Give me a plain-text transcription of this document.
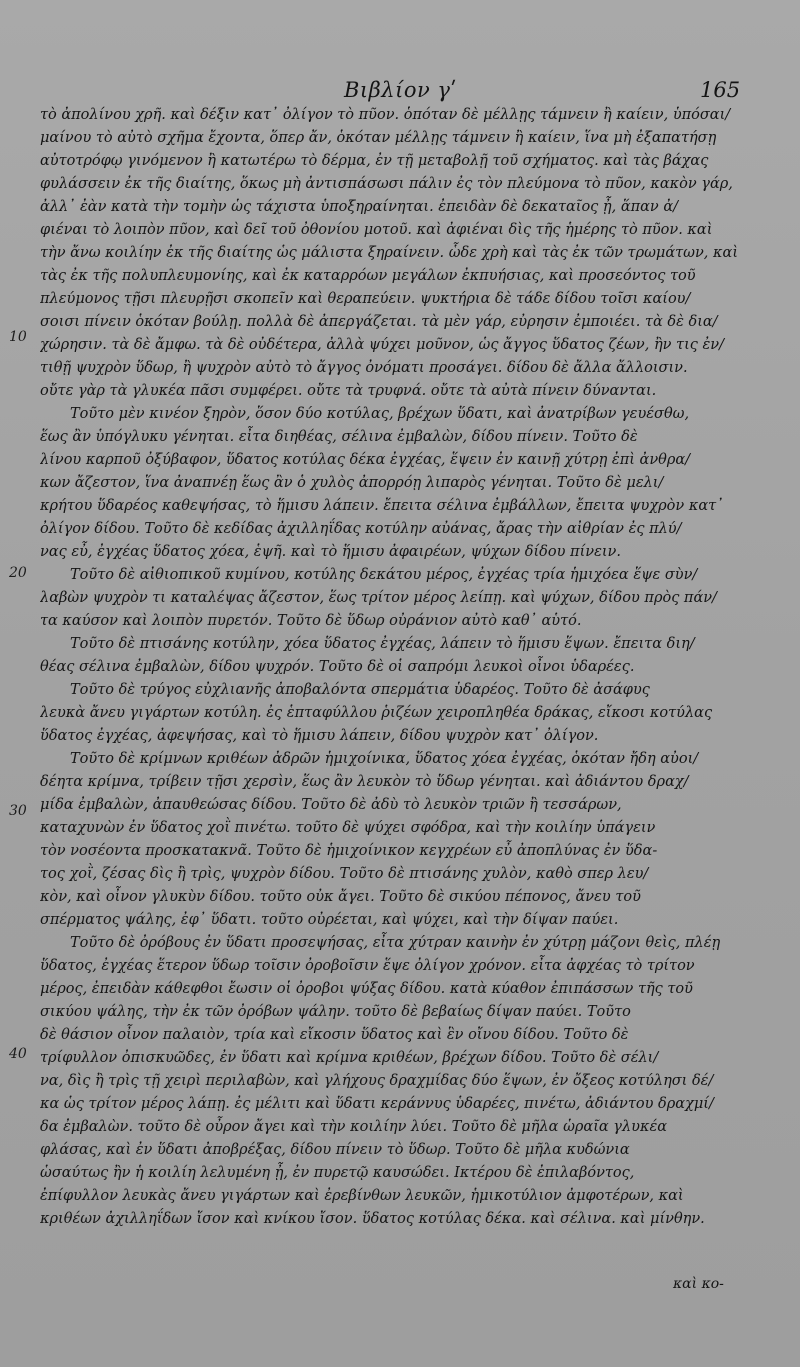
Βιβλίον γʹ	165
10
20
30
40
τὸ ἀπολίνου χρῆ. καὶ δέξιν κατ᾽ ὀλίγον τὸ πῦον. ὁπόταν δὲ μέλλῃς τάμνειν ἢ καίειν, ὑπόσαι/
μαίνου τὸ αὐτὸ σχῆμα ἔχοντα, ὅπερ ἄν, ὁκόταν μέλλῃς τάμνειν ἢ καίειν, ἵνα μὴ ἐξαπατήσῃ
αὐτοτρόφῳ γινόμενον ἢ κατωτέρω τὸ δέρμα, ἐν τῇ μεταβολῇ τοῦ σχήματος. καὶ τὰς βάχας
φυλάσσειν ἐκ τῆς διαίτης, ὅκως μὴ ἀντισπάσωσι πάλιν ἐς τὸν πλεύμονα τὸ πῦον, κακὸν γάρ,
ἀλλ᾽ ἐὰν κατὰ τὴν τομὴν ὡς τάχιστα ὑποξηραίνηται. ἐπειδὰν δὲ δεκαταῖος ᾖ, ἅπαν ἀ/
φιέναι τὸ λοιπὸν πῦον, καὶ δεῖ τοῦ ὀθονίου μοτοῦ. καὶ ἀφιέναι δὶς τῆς ἡμέρης τὸ πῦον. καὶ
τὴν ἄνω κοιλίην ἐκ τῆς διαίτης ὡς μάλιστα ξηραίνειν. ὧδε χρὴ καὶ τὰς ἐκ τῶν τρωμάτων, καὶ
τὰς ἐκ τῆς πολυπλευμονίης, καὶ ἐκ καταρρόων μεγάλων ἐκπυήσιας, καὶ προσεόντος τοῦ
πλεύμονος τῇσι πλευρῇσι σκοπεῖν καὶ θεραπεύειν. ψυκτήρια δὲ τάδε δίδου τοῖσι καίου/
σοισι πίνειν ὁκόταν βούλῃ. πολλὰ δὲ ἀπεργάζεται. τὰ μὲν γάρ, εὐρησιν ἐμποιέει. τὰ δὲ δια/
χώρησιν. τὰ δὲ ἄμφω. τὰ δὲ οὐδέτερα, ἀλλὰ ψύχει μοῦνον, ὡς ἄγγος ὕδατος ζέων, ἢν τις ἐν/
τιθῇ ψυχρὸν ὕδωρ, ἢ ψυχρὸν αὐτὸ τὸ ἄγγος ὀνόματι προσάγει. δίδου δὲ ἄλλα ἄλλοισιν.
οὔτε γὰρ τὰ γλυκέα πᾶσι συμφέρει. οὔτε τὰ τρυφνά. οὔτε τὰ αὐτὰ πίνειν δύνανται.
Τοῦτο μὲν κινέον ξηρὸν, ὅσον δύο κοτύλας, βρέχων ὕδατι, καὶ ἀνατρίβων γευέσθω,
ἕως ἂν ὑπόγλυκυ γένηται. εἶτα διηθέας, σέλινα ἐμβαλὼν, δίδου πίνειν. Τοῦτο δὲ
λίνου καρποῦ ὀξύβαφον, ὕδατος κοτύλας δέκα ἐγχέας, ἕψειν ἐν καινῇ χύτρῃ ἐπὶ ἀνθρα/
κων ἄζεστον, ἵνα ἀναπνέῃ ἕως ἂν ὁ χυλὸς ἀπορρόῃ λιπαρὸς γένηται. Τοῦτο δὲ μελι/
κρήτου ὕδαρέος καθεψήσας, τὸ ἥμισυ λάπειν. ἔπειτα σέλινα ἐμβάλλων, ἔπειτα ψυχρὸν κατ᾽
ὀλίγον δίδου. Τοῦτο δὲ κεδίδας ἀχιλληΐδας κοτύλην αὐάνας, ἄρας τὴν αἰθρίαν ἐς πλύ/
νας εὖ, ἐγχέας ὕδατος χόεα, ἑψῆ. καὶ τὸ ἥμισυ ἀφαιρέων, ψύχων δίδου πίνειν.
Τοῦτο δὲ αἰθιοπικοῦ κυμίνου, κοτύλης δεκάτου μέρος, ἐγχέας τρία ἡμιχόεα ἕψε σὺν/
λαβὼν ψυχρὸν τι καταλέψας ἄζεστον, ἕως τρίτον μέρος λείπῃ. καὶ ψύχων, δίδου πρὸς πάν/
τα καύσον καὶ λοιπὸν πυρετόν. Τοῦτο δὲ ὕδωρ οὐράνιον αὐτὸ καθ᾽ αὑτό.
Τοῦτο δὲ πτισάνης κοτύλην, χόεα ὕδατος ἐγχέας, λάπειν τὸ ἥμισυ ἕψων. ἔπειτα διη/
θέας σέλινα ἐμβαλὼν, δίδου ψυχρόν. Τοῦτο δὲ οἱ σαπρόμι λευκοὶ οἶνοι ὑδαρέες.
Τοῦτο δὲ τρύγος εὐχλιανῆς ἀποβαλόντα σπερμάτια ὑδαρέος. Τοῦτο δὲ ἀσάφυς
λευκὰ ἄνευ γιγάρτων κοτύλη. ἐς ἑπταφύλλου ῥιζέων χειροπληθέα δράκας, εἴκοσι κοτύλας
ὕδατος ἐγχέας, ἀφεψήσας, καὶ τὸ ἥμισυ λάπειν, δίδου ψυχρὸν κατ᾽ ὀλίγον.
Τοῦτο δὲ κρίμνων κριθέων ἀδρῶν ἡμιχοίνικα, ὕδατος χόεα ἐγχέας, ὁκόταν ἤδη αὐοι/
δέητα κρίμνα, τρίβειν τῇσι χερσὶν, ἕως ἂν λευκὸν τὸ ὕδωρ γένηται. καὶ ἀδιάντου δραχ/
μίδα ἐμβαλὼν, ἀπαυθεώσας δίδου. Τοῦτο δὲ ἀδὺ τὸ λευκὸν τριῶν ἢ τεσσάρων,
καταχυνὼν ἐν ὕδατος χοῒ πινέτω. τοῦτο δὲ ψύχει σφόδρα, καὶ τὴν κοιλίην ὑπάγειν
τὸν νοσέοντα προσκατακνᾶ. Τοῦτο δὲ ἡμιχοίνικον κεγχρέων εὖ ἀποπλύνας ἐν ὕδα-
τος χοῒ, ζέσας δὶς ἢ τρὶς, ψυχρὸν δίδου. Τοῦτο δὲ πτισάνης χυλὸν, καθὸ σπερ λευ/
κὸν, καὶ οἶνον γλυκὺν δίδου. τοῦτο οὐκ ἄγει. Τοῦτο δὲ σικύου πέπονος, ἄνευ τοῦ
σπέρματος ψάλης, ἐφ᾽ ὕδατι. τοῦτο οὐρέεται, καὶ ψύχει, καὶ τὴν δίψαν παύει.
Τοῦτο δὲ ὀρόβους ἐν ὕδατι προσεψήσας, εἶτα χύτραν καινὴν ἐν χύτρῃ μάζονι θεὶς, πλέῃ
ὕδατος, ἐγχέας ἕτερον ὕδωρ τοῖσιν ὀροβοῖσιν ἕψε ὀλίγον χρόνον. εἶτα ἀφχέας τὸ τρίτον
μέρος, ἐπειδὰν κάθεφθοι ἔωσιν οἱ ὀροβοι ψύξας δίδου. κατὰ κύαθον ἐπιπάσσων τῆς τοῦ
σικύου ψάλης, τὴν ἐκ τῶν ὀρόβων ψάλην. τοῦτο δὲ βεβαίως δίψαν παύει. Τοῦτο
δὲ θάσιον οἶνον παλαιὸν, τρία καὶ εἴκοσιν ὕδατος καὶ ἓν οἴνου δίδου. Τοῦτο δὲ
τρίφυλλον ὀπισκυῶδες, ἐν ὕδατι καὶ κρίμνα κριθέων, βρέχων δίδου. Τοῦτο δὲ σέλι/
να, δὶς ἢ τρὶς τῇ χειρὶ περιλαβὼν, καὶ γλήχους δραχμίδας δύο ἕψων, ἐν ὄξεος κοτύλησι δέ/
κα ὡς τρίτον μέρος λάπῃ. ἐς μέλιτι καὶ ὕδατι κεράννυς ὑδαρέες, πινέτω, ἀδιάντου δραχμί/
δα ἐμβαλὼν. τοῦτο δὲ οὖρον ἄγει καὶ τὴν κοιλίην λύει. Τοῦτο δὲ μῆλα ὡραῖα γλυκέα
φλάσας, καὶ ἐν ὕδατι ἀποβρέξας, δίδου πίνειν τὸ ὕδωρ. Τοῦτο δὲ μῆλα κυδώνια
ὡσαύτως ἢν ἡ κοιλίη λελυμένη ᾖ, ἐν πυρετῷ καυσώδει. Ικτέρου δὲ ἐπιλαβόντος,
ἐπίφυλλον λευκὰς ἄνευ γιγάρτων καὶ ἐρεβίνθων λευκῶν, ἡμικοτύλιον ἀμφοτέρων, καὶ
κριθέων ἀχιλληΐδων ἴσον καὶ κνίκου ἴσον. ὕδατος κοτύλας δέκα. καὶ σέλινα. καὶ μίνθην.
καὶ κο-
